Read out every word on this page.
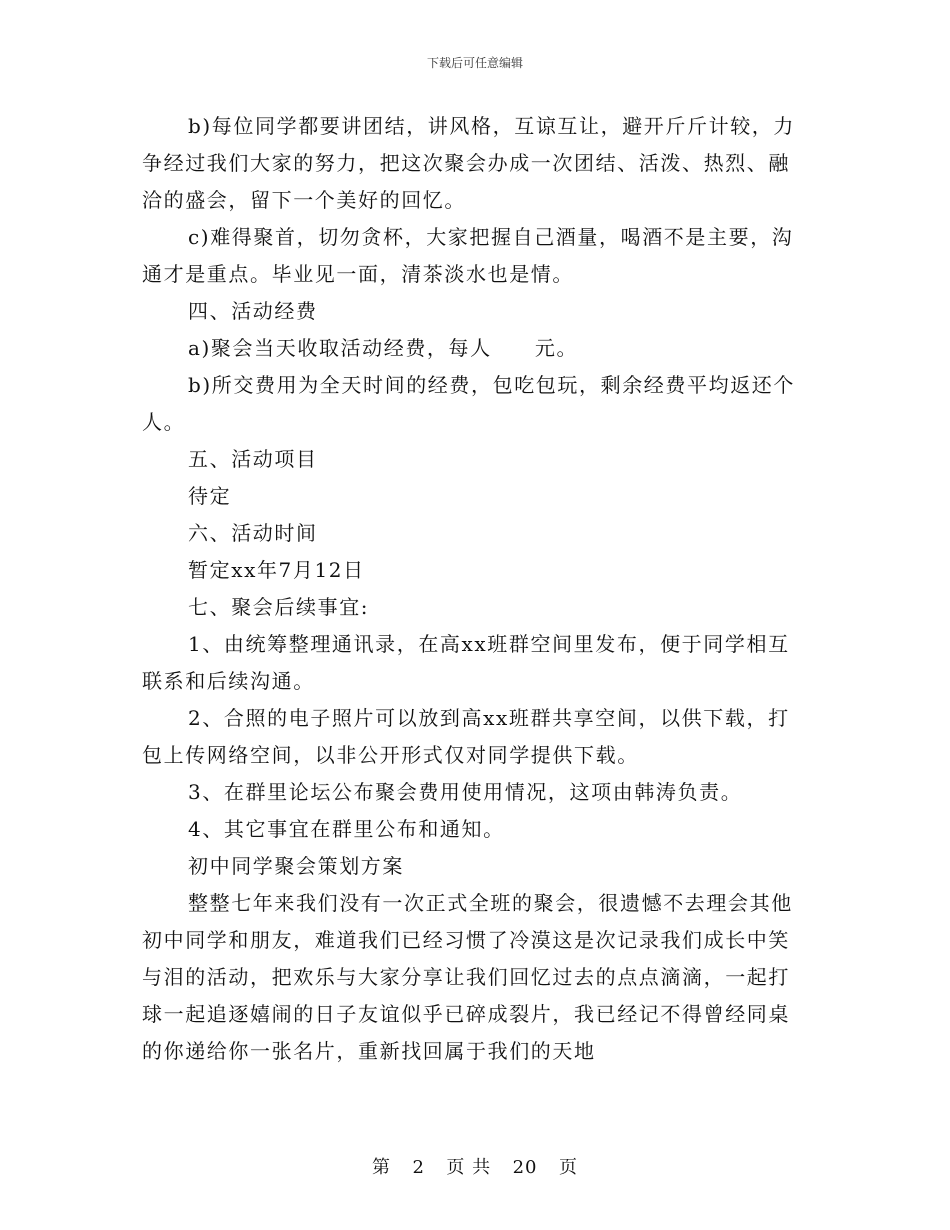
下载后可任意编辑

b)每位同学都要讲团结，讲风格，互谅互让，避开斤斤计较，力争经过我们大家的努力，把这次聚会办成一次团结、活泼、热烈、融洽的盛会，留下一个美好的回忆。

c)难得聚首，切勿贪杯，大家把握自己酒量，喝酒不是主要，沟通才是重点。毕业见一面，清茶淡水也是情。

四、活动经费

a)聚会当天收取活动经费，每人　　元。

b)所交费用为全天时间的经费，包吃包玩，剩余经费平均返还个人。

五、活动项目

待定

六、活动时间

暂定xx年7月12日

七、聚会后续事宜:

1、由统筹整理通讯录，在高xx班群空间里发布，便于同学相互联系和后续沟通。

2、合照的电子照片可以放到高xx班群共享空间，以供下载，打包上传网络空间，以非公开形式仅对同学提供下载。

3、在群里论坛公布聚会费用使用情况，这项由韩涛负责。

4、其它事宜在群里公布和通知。

初中同学聚会策划方案

整整七年来我们没有一次正式全班的聚会，很遗憾不去理会其他初中同学和朋友，难道我们已经习惯了冷漠这是次记录我们成长中笑与泪的活动，把欢乐与大家分享让我们回忆过去的点点滴滴，一起打球一起追逐嬉闹的日子友谊似乎已碎成裂片，我已经记不得曾经同桌的你递给你一张名片，重新找回属于我们的天地

第 2 页 共 20 页
